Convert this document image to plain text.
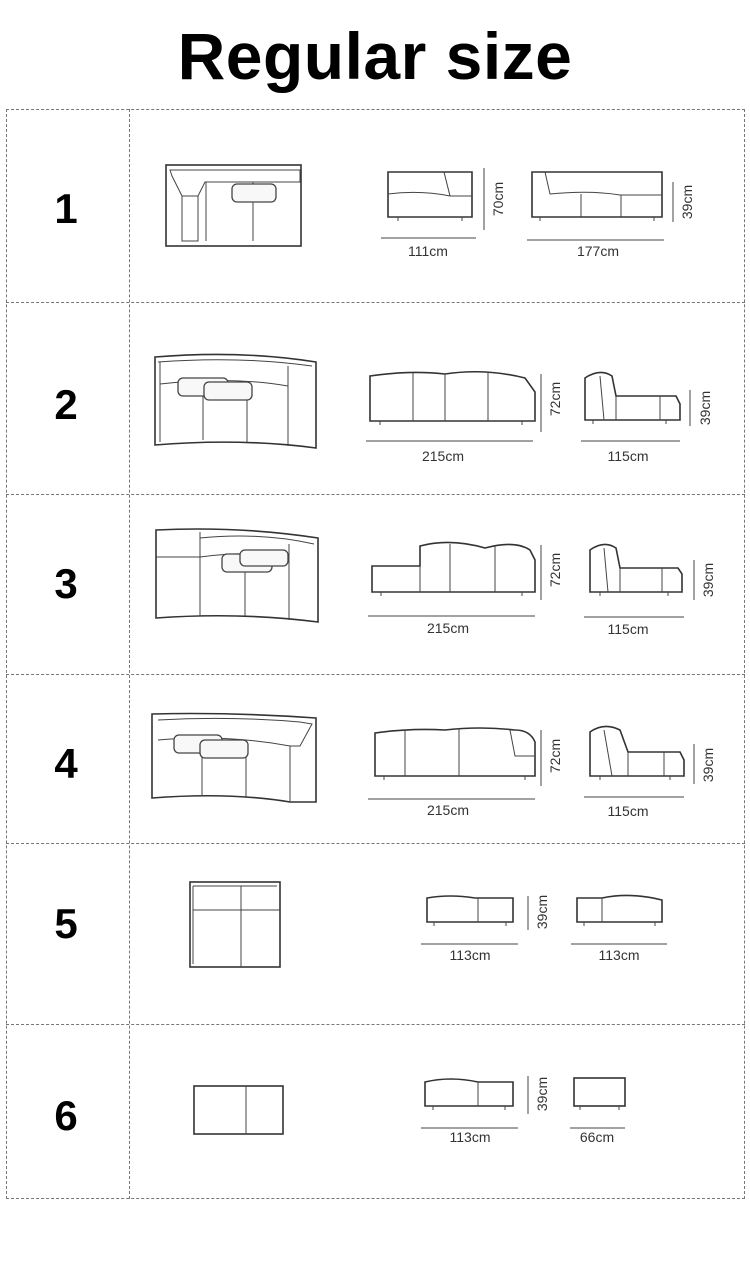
Regular size
1
2
3
4
5
6
111cm
70cm
177cm
39cm
215cm
72cm
115cm
39cm
215cm
72cm
115cm
39cm
215cm
72cm
115cm
39cm
113cm
39cm
113cm
113cm
39cm
66cm
